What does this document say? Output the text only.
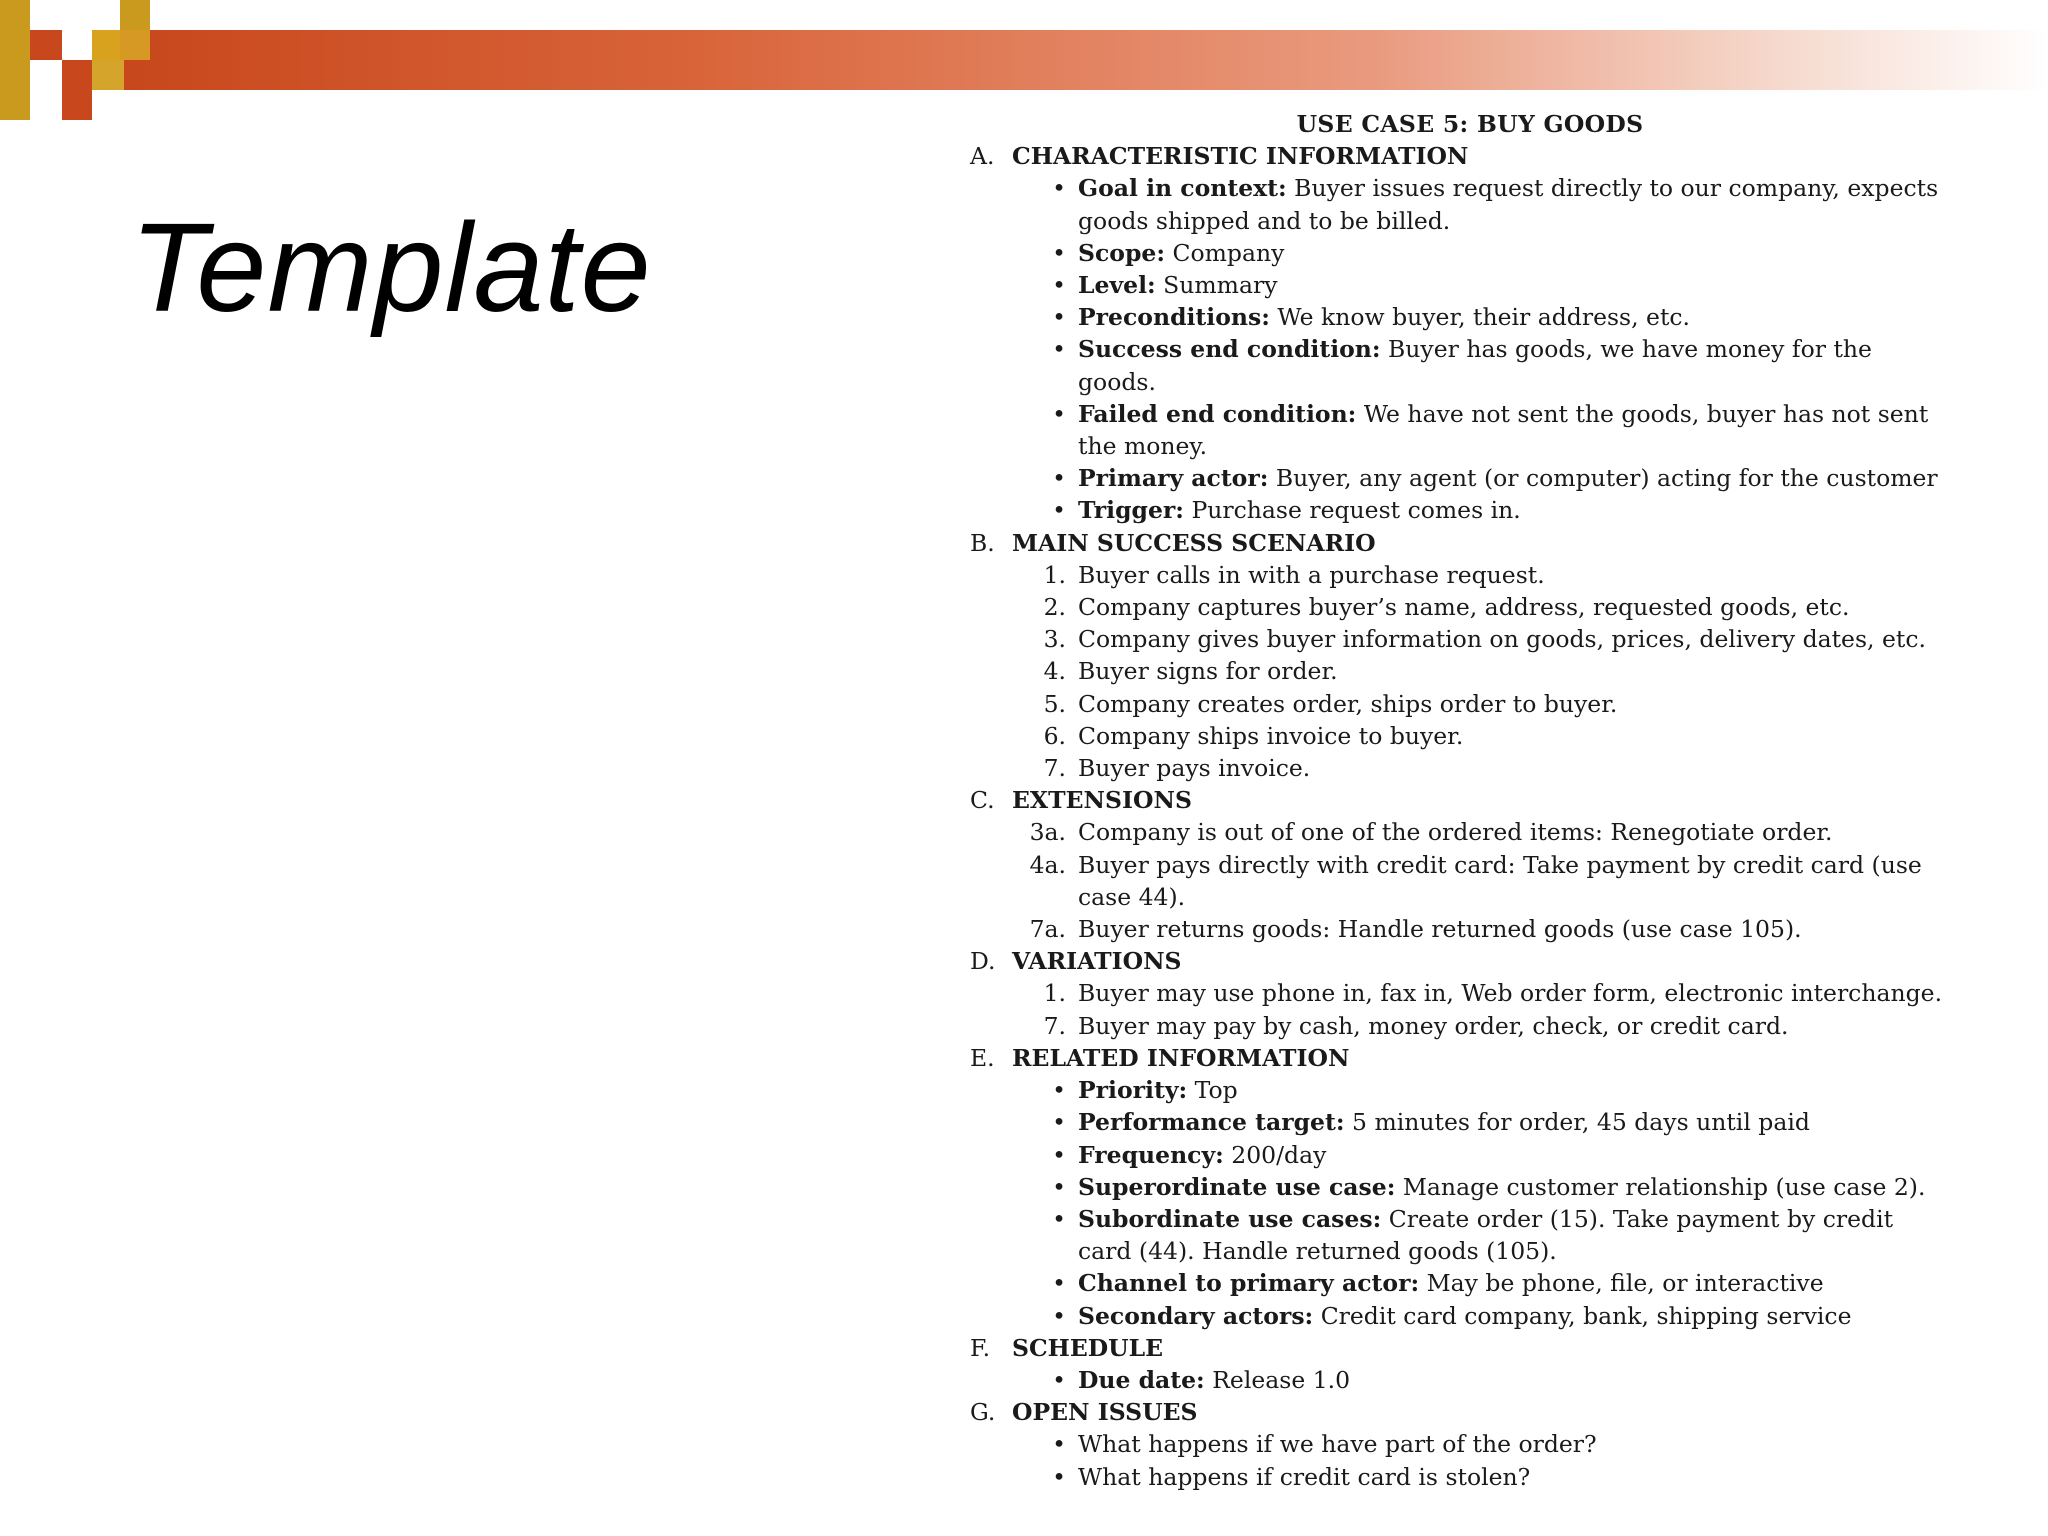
Template
USE CASE 5: BUY GOODS
A. CHARACTERISTIC INFORMATION
• Goal in context: Buyer issues request directly to our company, expects goods shipped and to be billed.
• Scope: Company
• Level: Summary
• Preconditions: We know buyer, their address, etc.
• Success end condition: Buyer has goods, we have money for the goods.
• Failed end condition: We have not sent the goods, buyer has not sent the money.
• Primary actor: Buyer, any agent (or computer) acting for the customer
• Trigger: Purchase request comes in.
B. MAIN SUCCESS SCENARIO
1. Buyer calls in with a purchase request.
2. Company captures buyer’s name, address, requested goods, etc.
3. Company gives buyer information on goods, prices, delivery dates, etc.
4. Buyer signs for order.
5. Company creates order, ships order to buyer.
6. Company ships invoice to buyer.
7. Buyer pays invoice.
C. EXTENSIONS
3a. Company is out of one of the ordered items: Renegotiate order.
4a. Buyer pays directly with credit card: Take payment by credit card (use case 44).
7a. Buyer returns goods: Handle returned goods (use case 105).
D. VARIATIONS
1. Buyer may use phone in, fax in, Web order form, electronic interchange.
7. Buyer may pay by cash, money order, check, or credit card.
E. RELATED INFORMATION
• Priority: Top
• Performance target: 5 minutes for order, 45 days until paid
• Frequency: 200/day
• Superordinate use case: Manage customer relationship (use case 2).
• Subordinate use cases: Create order (15). Take payment by credit card (44). Handle returned goods (105).
• Channel to primary actor: May be phone, file, or interactive
• Secondary actors: Credit card company, bank, shipping service
F. SCHEDULE
• Due date: Release 1.0
G. OPEN ISSUES
• What happens if we have part of the order?
• What happens if credit card is stolen?
